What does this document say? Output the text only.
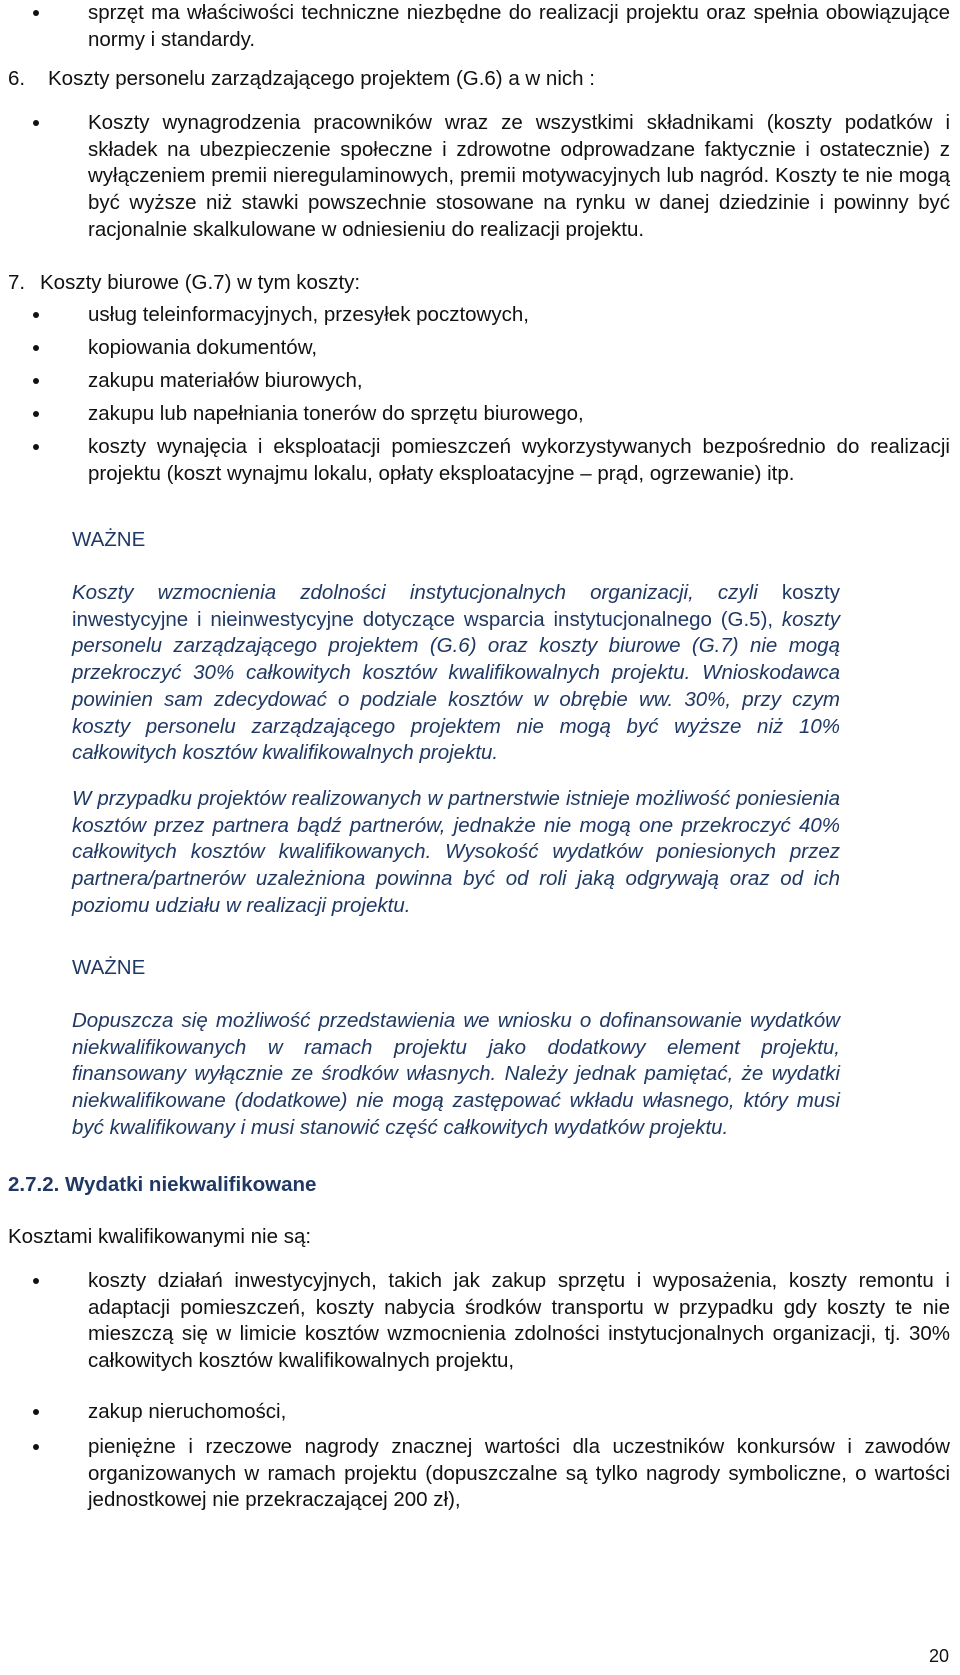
sprzęt ma właściwości techniczne niezbędne do realizacji projektu oraz spełnia obowiązujące normy i standardy.
6. Koszty personelu zarządzającego projektem (G.6) a w nich :
Koszty wynagrodzenia pracowników wraz ze wszystkimi składnikami (koszty podatków i składek na ubezpieczenie społeczne i zdrowotne odprowadzane faktycznie i ostatecznie) z wyłączeniem premii nieregulaminowych, premii motywacyjnych lub nagród. Koszty te nie mogą być wyższe niż stawki powszechnie stosowane na rynku w danej dziedzinie i powinny być racjonalnie skalkulowane w odniesieniu do realizacji projektu.
7. Koszty biurowe (G.7) w tym koszty:
usług teleinformacyjnych, przesyłek pocztowych,
kopiowania dokumentów,
zakupu materiałów biurowych,
zakupu lub napełniania tonerów do sprzętu biurowego,
koszty wynajęcia i eksploatacji pomieszczeń wykorzystywanych bezpośrednio do realizacji projektu (koszt wynajmu lokalu, opłaty eksploatacyjne – prąd, ogrzewanie) itp.
WAŻNE
Koszty wzmocnienia zdolności instytucjonalnych organizacji, czyli koszty inwestycyjne i nieinwestycyjne dotyczące wsparcia instytucjonalnego (G.5), koszty personelu zarządzającego projektem (G.6) oraz koszty biurowe (G.7) nie mogą przekroczyć 30% całkowitych kosztów kwalifikowalnych projektu. Wnioskodawca powinien sam zdecydować o podziale kosztów w obrębie ww. 30%, przy czym koszty personelu zarządzającego projektem nie mogą być wyższe niż 10% całkowitych kosztów kwalifikowalnych projektu.
W przypadku projektów realizowanych w partnerstwie istnieje możliwość poniesienia kosztów przez partnera bądź partnerów, jednakże nie mogą one przekroczyć 40% całkowitych kosztów kwalifikowanych. Wysokość wydatków poniesionych przez partnera/partnerów uzależniona powinna być od roli jaką odgrywają oraz od ich poziomu udziału w realizacji projektu.
WAŻNE
Dopuszcza się możliwość przedstawienia we wniosku o dofinansowanie wydatków niekwalifikowanych w ramach projektu jako dodatkowy element projektu, finansowany wyłącznie ze środków własnych. Należy jednak pamiętać, że wydatki niekwalifikowane (dodatkowe) nie mogą zastępować wkładu własnego, który musi być kwalifikowany i musi stanowić część całkowitych wydatków projektu.
2.7.2. Wydatki niekwalifikowane
Kosztami kwalifikowanymi nie są:
koszty działań inwestycyjnych, takich jak zakup sprzętu i wyposażenia, koszty remontu i adaptacji pomieszczeń, koszty nabycia środków transportu w przypadku gdy koszty te nie mieszczą się w limicie kosztów wzmocnienia zdolności instytucjonalnych organizacji, tj. 30% całkowitych kosztów kwalifikowalnych projektu,
zakup nieruchomości,
pieniężne i rzeczowe nagrody znacznej wartości dla uczestników konkursów i zawodów organizowanych w ramach projektu (dopuszczalne są tylko nagrody symboliczne, o wartości jednostkowej nie przekraczającej 200 zł),
20
